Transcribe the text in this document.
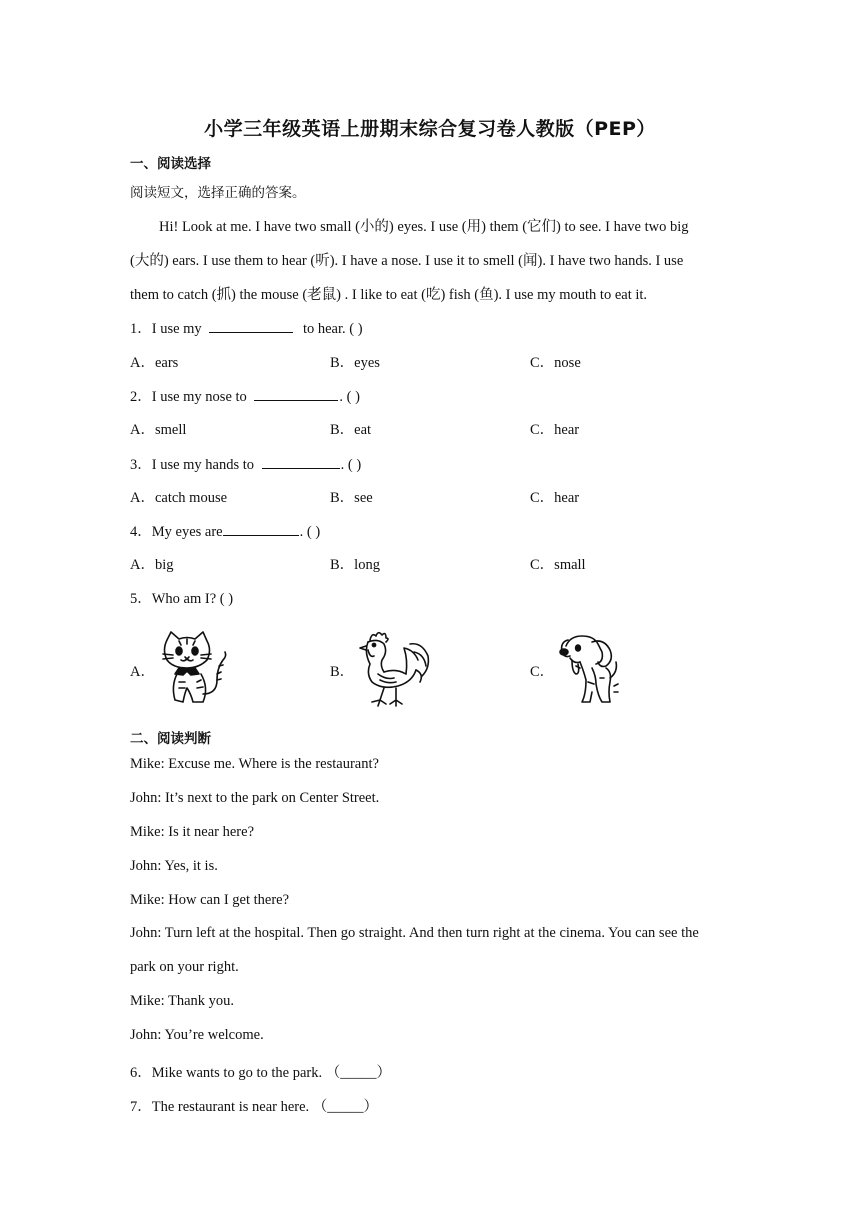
小学三年级英语上册期末综合复习卷人教版（PEP）
一、阅读选择
阅读短文，选择正确的答案。
Hi! Look at me. I have two small (小的) eyes. I use (用) them (它们) to see. I have two big
(大的) ears. I use them to hear (听). I have a nose. I use it to smell (闻). I have two hands. I use
them to catch (抓) the mouse (老鼠) . I like to eat (吃) fish (鱼). I use my mouth to eat it.
1．I use my	to hear. ( )
A．ears	B．eyes	C．nose
2．I use my nose to	. ( )
A．smell	B．eat	C．hear
3．I use my hands to	. ( )
A．catch mouse	B．see	C．hear
4．My eyes are	. ( )
A．big	B．long	C．small
5．Who am I? ( )
A．	B．	C．
二、阅读判断
Mike: Excuse me. Where is the restaurant?
John: It’s next to the park on Center Street.
Mike: Is it near here?
John: Yes, it is.
Mike: How can I get there?
John: Turn left at the hospital. Then go straight. And then turn right at the cinema. You can see the
park on your right.
Mike: Thank you.
John: You’re welcome.
6．Mike wants to go to the park. （_____）
7．The restaurant is near here. （_____）
